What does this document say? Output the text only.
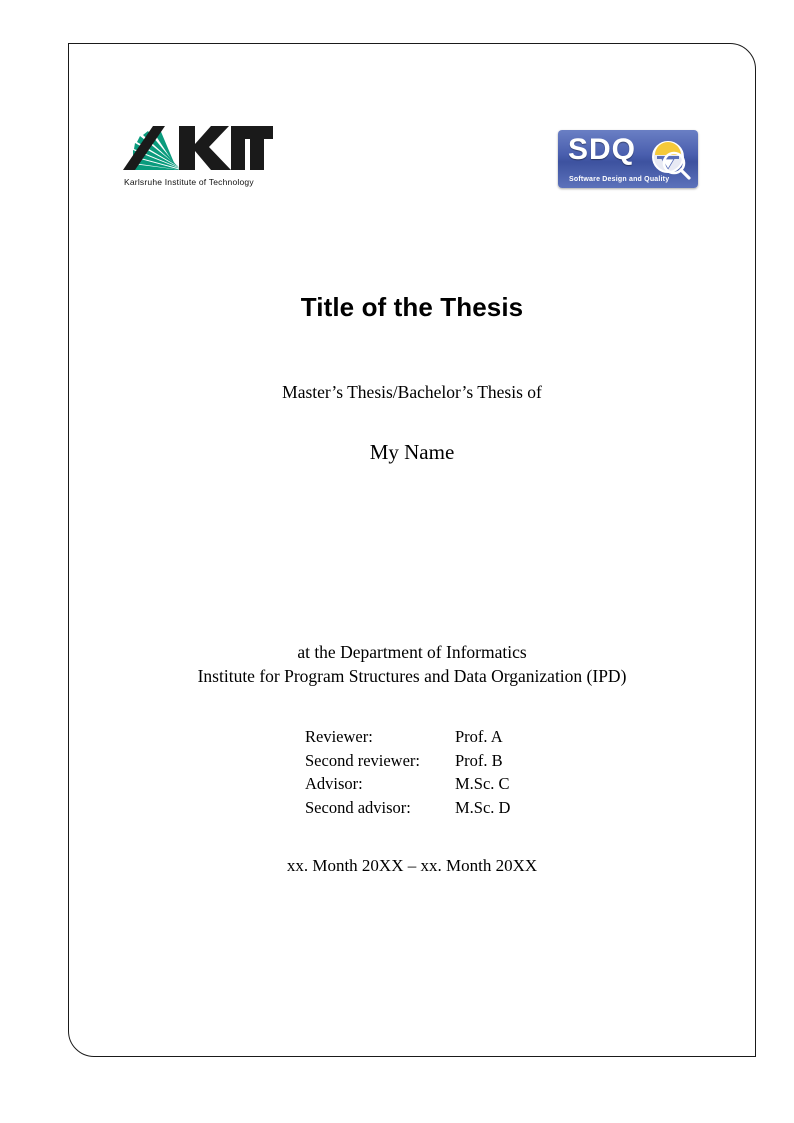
Karlsruhe Institute of Technology
SDQ
Software Design and Quality
Title of the Thesis
Master’s Thesis/Bachelor’s Thesis of
My Name
at the Department of Informatics
Institute for Program Structures and Data Organization (IPD)
Reviewer:	Prof. A
Second reviewer:	Prof. B
Advisor:	M.Sc. C
Second advisor:	M.Sc. D
xx. Month 20XX – xx. Month 20XX
